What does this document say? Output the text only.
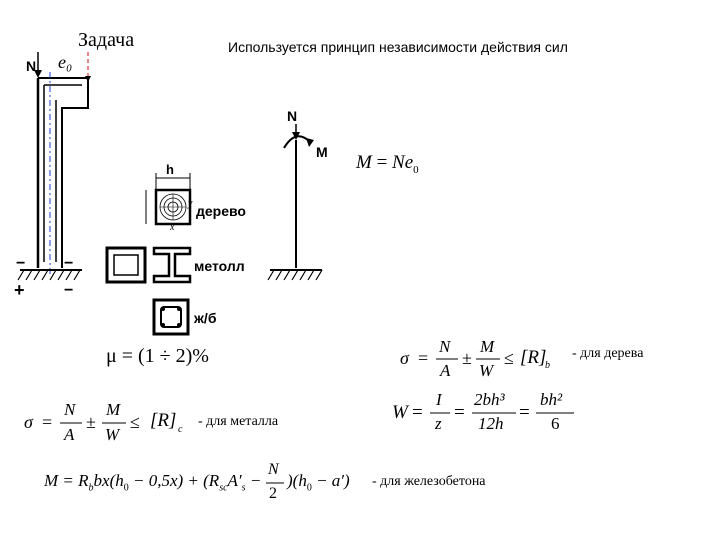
Задача	Используется принцип независимости действия сил
N e₀
− −
+ −
h
x
y дерево
метолл
ж/б
N
M $M = Ne_0$
μ = (1 ÷ 2)%	σ =
N
A
±
M
W
≤ [R]
b
- для дерева
σ =
N
A
±
M
W
≤ [R] c
- для металла	W =
I
z
=
2bh³
12h
=
bh²
6
$M = R_bbx(h_0 - 0,5x) + (R_{sc}A'_s$ −
N
2
)$(h_0 - a')$ - для железобетона
